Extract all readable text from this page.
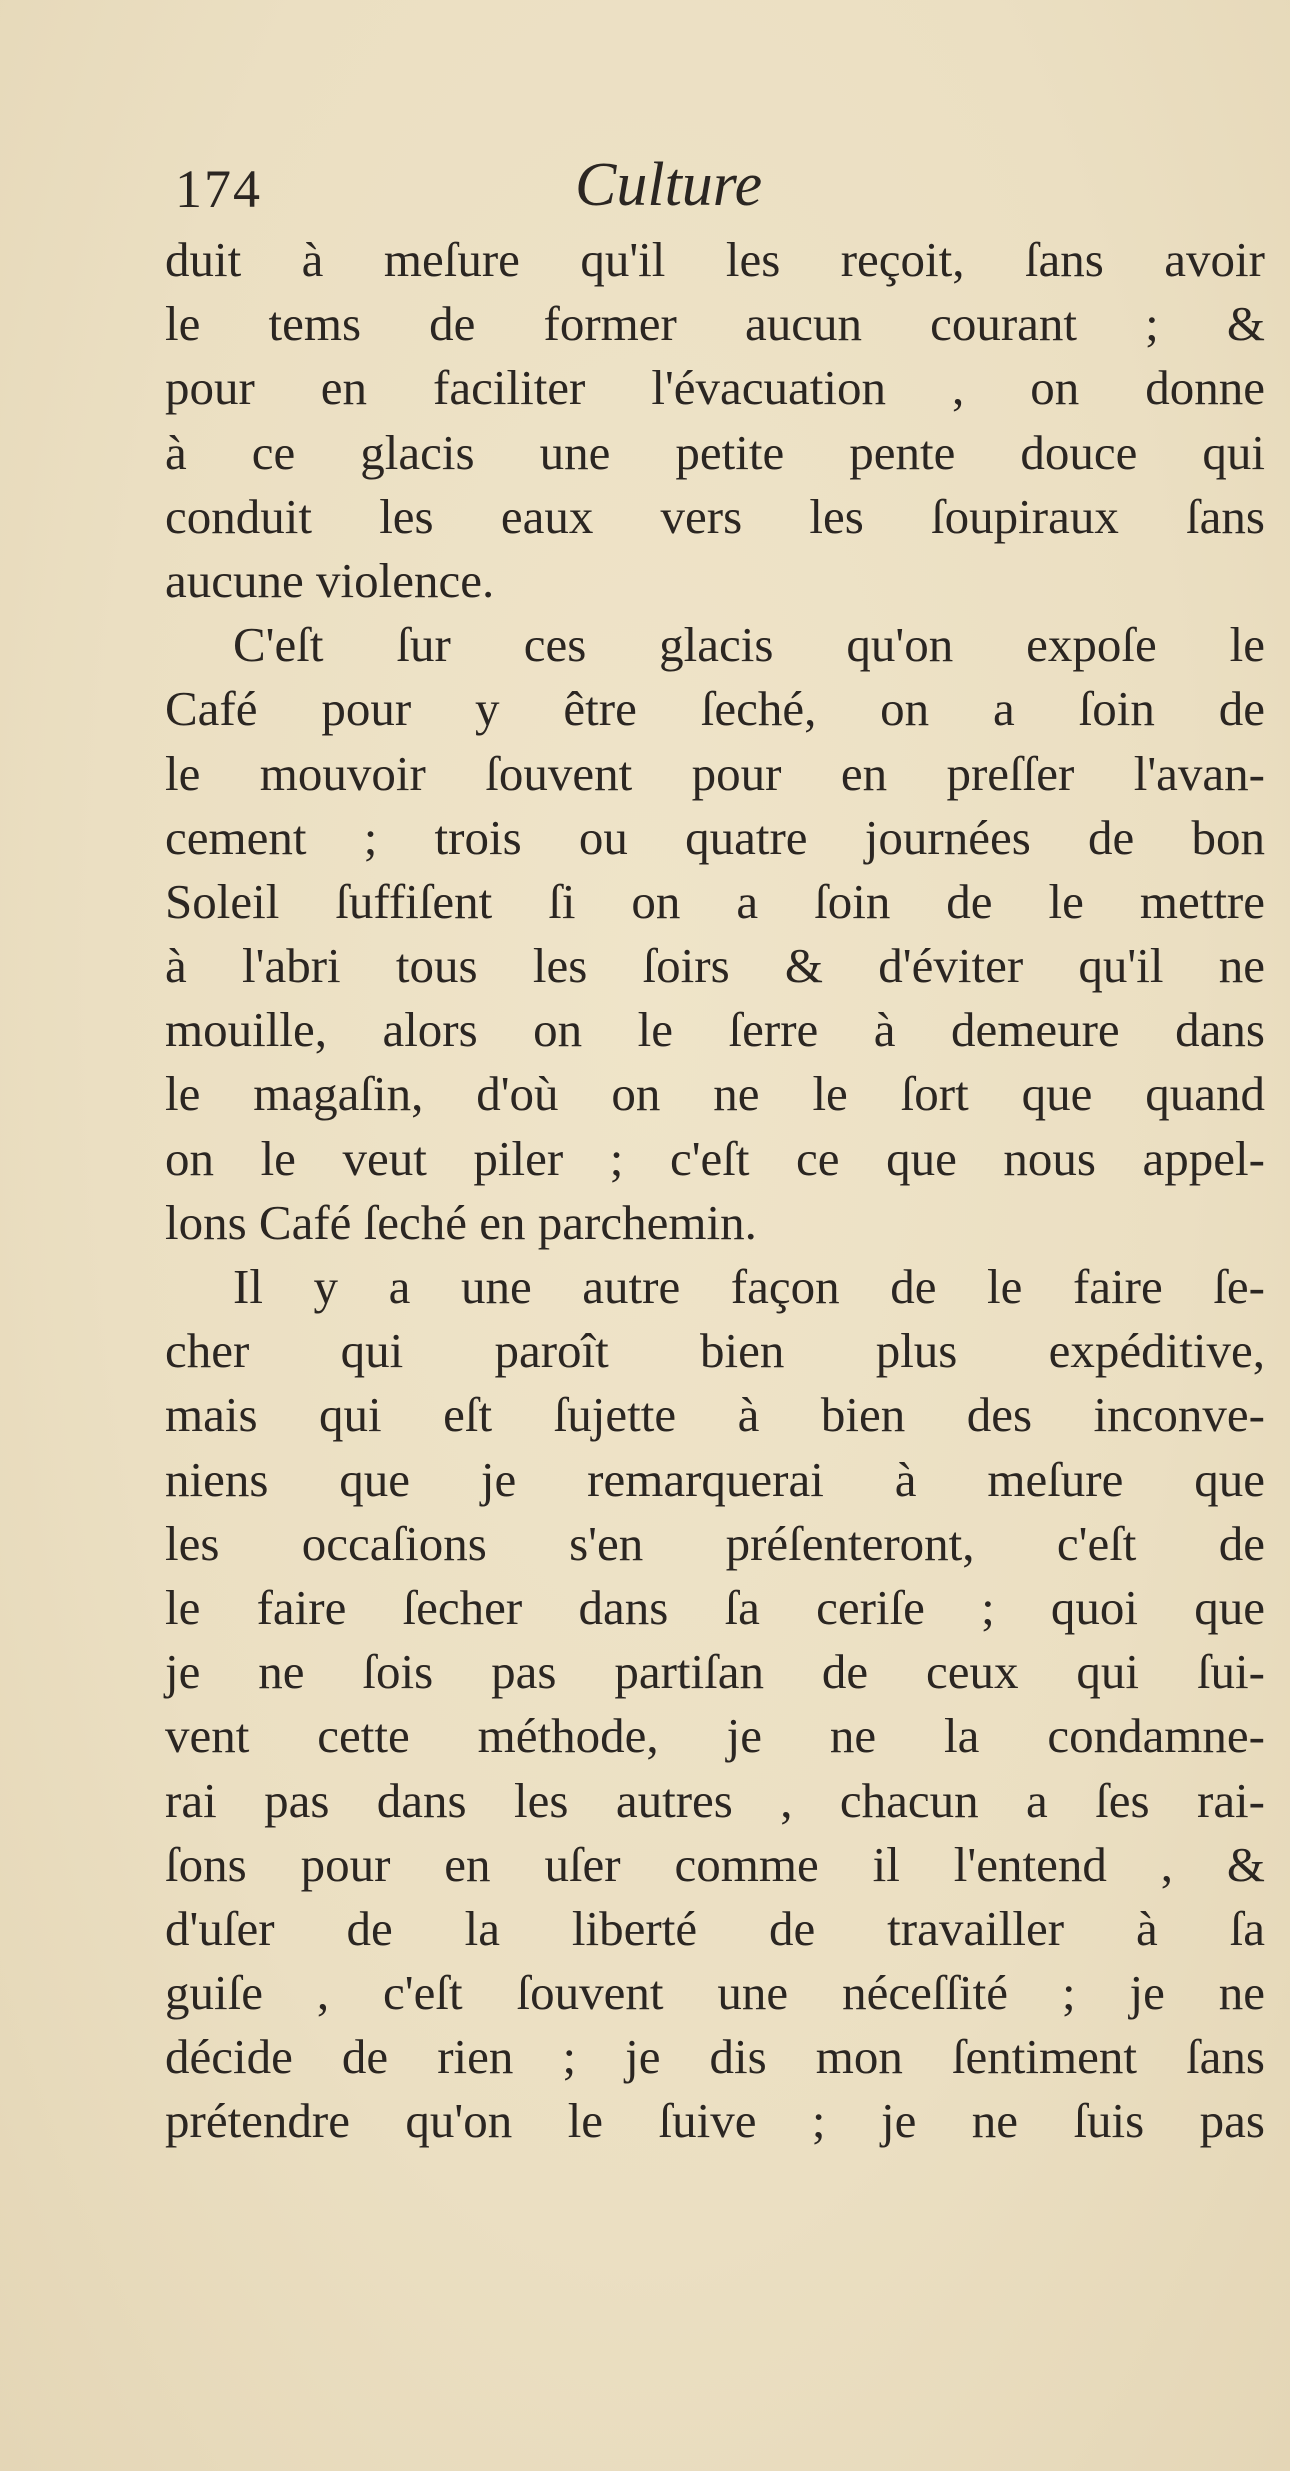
174	Culture
duit à meſure qu'il les reçoit, ſans avoir
le tems de former aucun courant ; &
pour en faciliter l'évacuation , on donne
à ce glacis une petite pente douce qui
conduit les eaux vers les ſoupiraux ſans
aucune violence.
C'eſt ſur ces glacis qu'on expoſe le
Café pour y être ſeché, on a ſoin de
le mouvoir ſouvent pour en preſſer l'avan-
cement ; trois ou quatre journées de bon
Soleil ſuffiſent ſi on a ſoin de le mettre
à l'abri tous les ſoirs & d'éviter qu'il ne
mouille, alors on le ſerre à demeure dans
le magaſin, d'où on ne le ſort que quand
on le veut piler ; c'eſt ce que nous appel-
lons Café ſeché en parchemin.
Il y a une autre façon de le faire ſe-
cher qui paroît bien plus expéditive,
mais qui eſt ſujette à bien des inconve-
niens que je remarquerai à meſure que
les occaſions s'en préſenteront, c'eſt de
le faire ſecher dans ſa ceriſe ; quoi que
je ne ſois pas partiſan de ceux qui ſui-
vent cette méthode, je ne la condamne-
rai pas dans les autres , chacun a ſes rai-
ſons pour en uſer comme il l'entend , &
d'uſer de la liberté de travailler à ſa
guiſe , c'eſt ſouvent une néceſſité ; je ne
décide de rien ; je dis mon ſentiment ſans
prétendre qu'on le ſuive ; je ne ſuis pas
